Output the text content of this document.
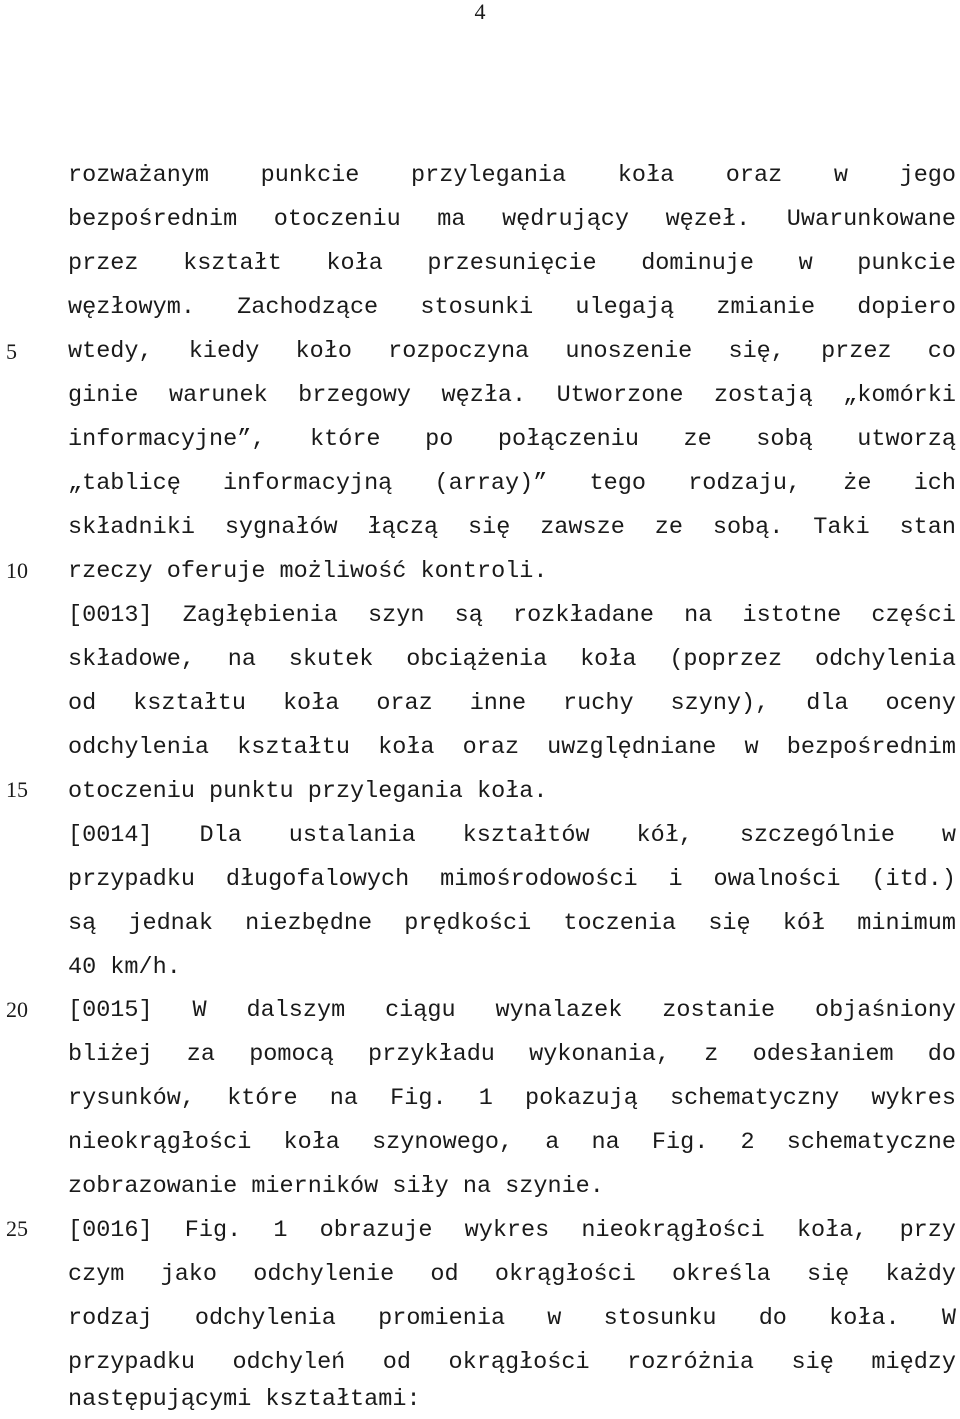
4
5
10
15
20
25
rozważanym punkcie przylegania koła oraz w jego
bezpośrednim otoczeniu ma wędrujący węzeł. Uwarunkowane
przez kształt koła przesunięcie dominuje w punkcie
węzłowym. Zachodzące stosunki ulegają zmianie dopiero
wtedy, kiedy koło rozpoczyna unoszenie się, przez co
ginie warunek brzegowy węzła. Utworzone zostają „komórki
informacyjne”, które po połączeniu ze sobą utworzą
„tablicę informacyjną (array)” tego rodzaju, że ich
składniki sygnałów łączą się zawsze ze sobą. Taki stan
rzeczy oferuje możliwość kontroli.
[0013] Zagłębienia szyn są rozkładane na istotne części
składowe, na skutek obciążenia koła (poprzez odchylenia
od kształtu koła oraz inne ruchy szyny), dla oceny
odchylenia kształtu koła oraz uwzględniane w bezpośrednim
otoczeniu punktu przylegania koła.
[0014] Dla ustalania kształtów kół, szczególnie w
przypadku długofalowych mimośrodowości i owalności (itd.)
są jednak niezbędne prędkości toczenia się kół minimum
40 km/h.
[0015] W dalszym ciągu wynalazek zostanie objaśniony
bliżej za pomocą przykładu wykonania, z odesłaniem do
rysunków, które na Fig. 1 pokazują schematyczny wykres
nieokrągłości koła szynowego, a na Fig. 2 schematyczne
zobrazowanie mierników siły na szynie.
[0016] Fig. 1 obrazuje wykres nieokrągłości koła, przy
czym jako odchylenie od okrągłości określa się każdy
rodzaj odchylenia promienia w stosunku do koła. W
przypadku odchyleń od okrągłości rozróżnia się między
następującymi kształtami:
